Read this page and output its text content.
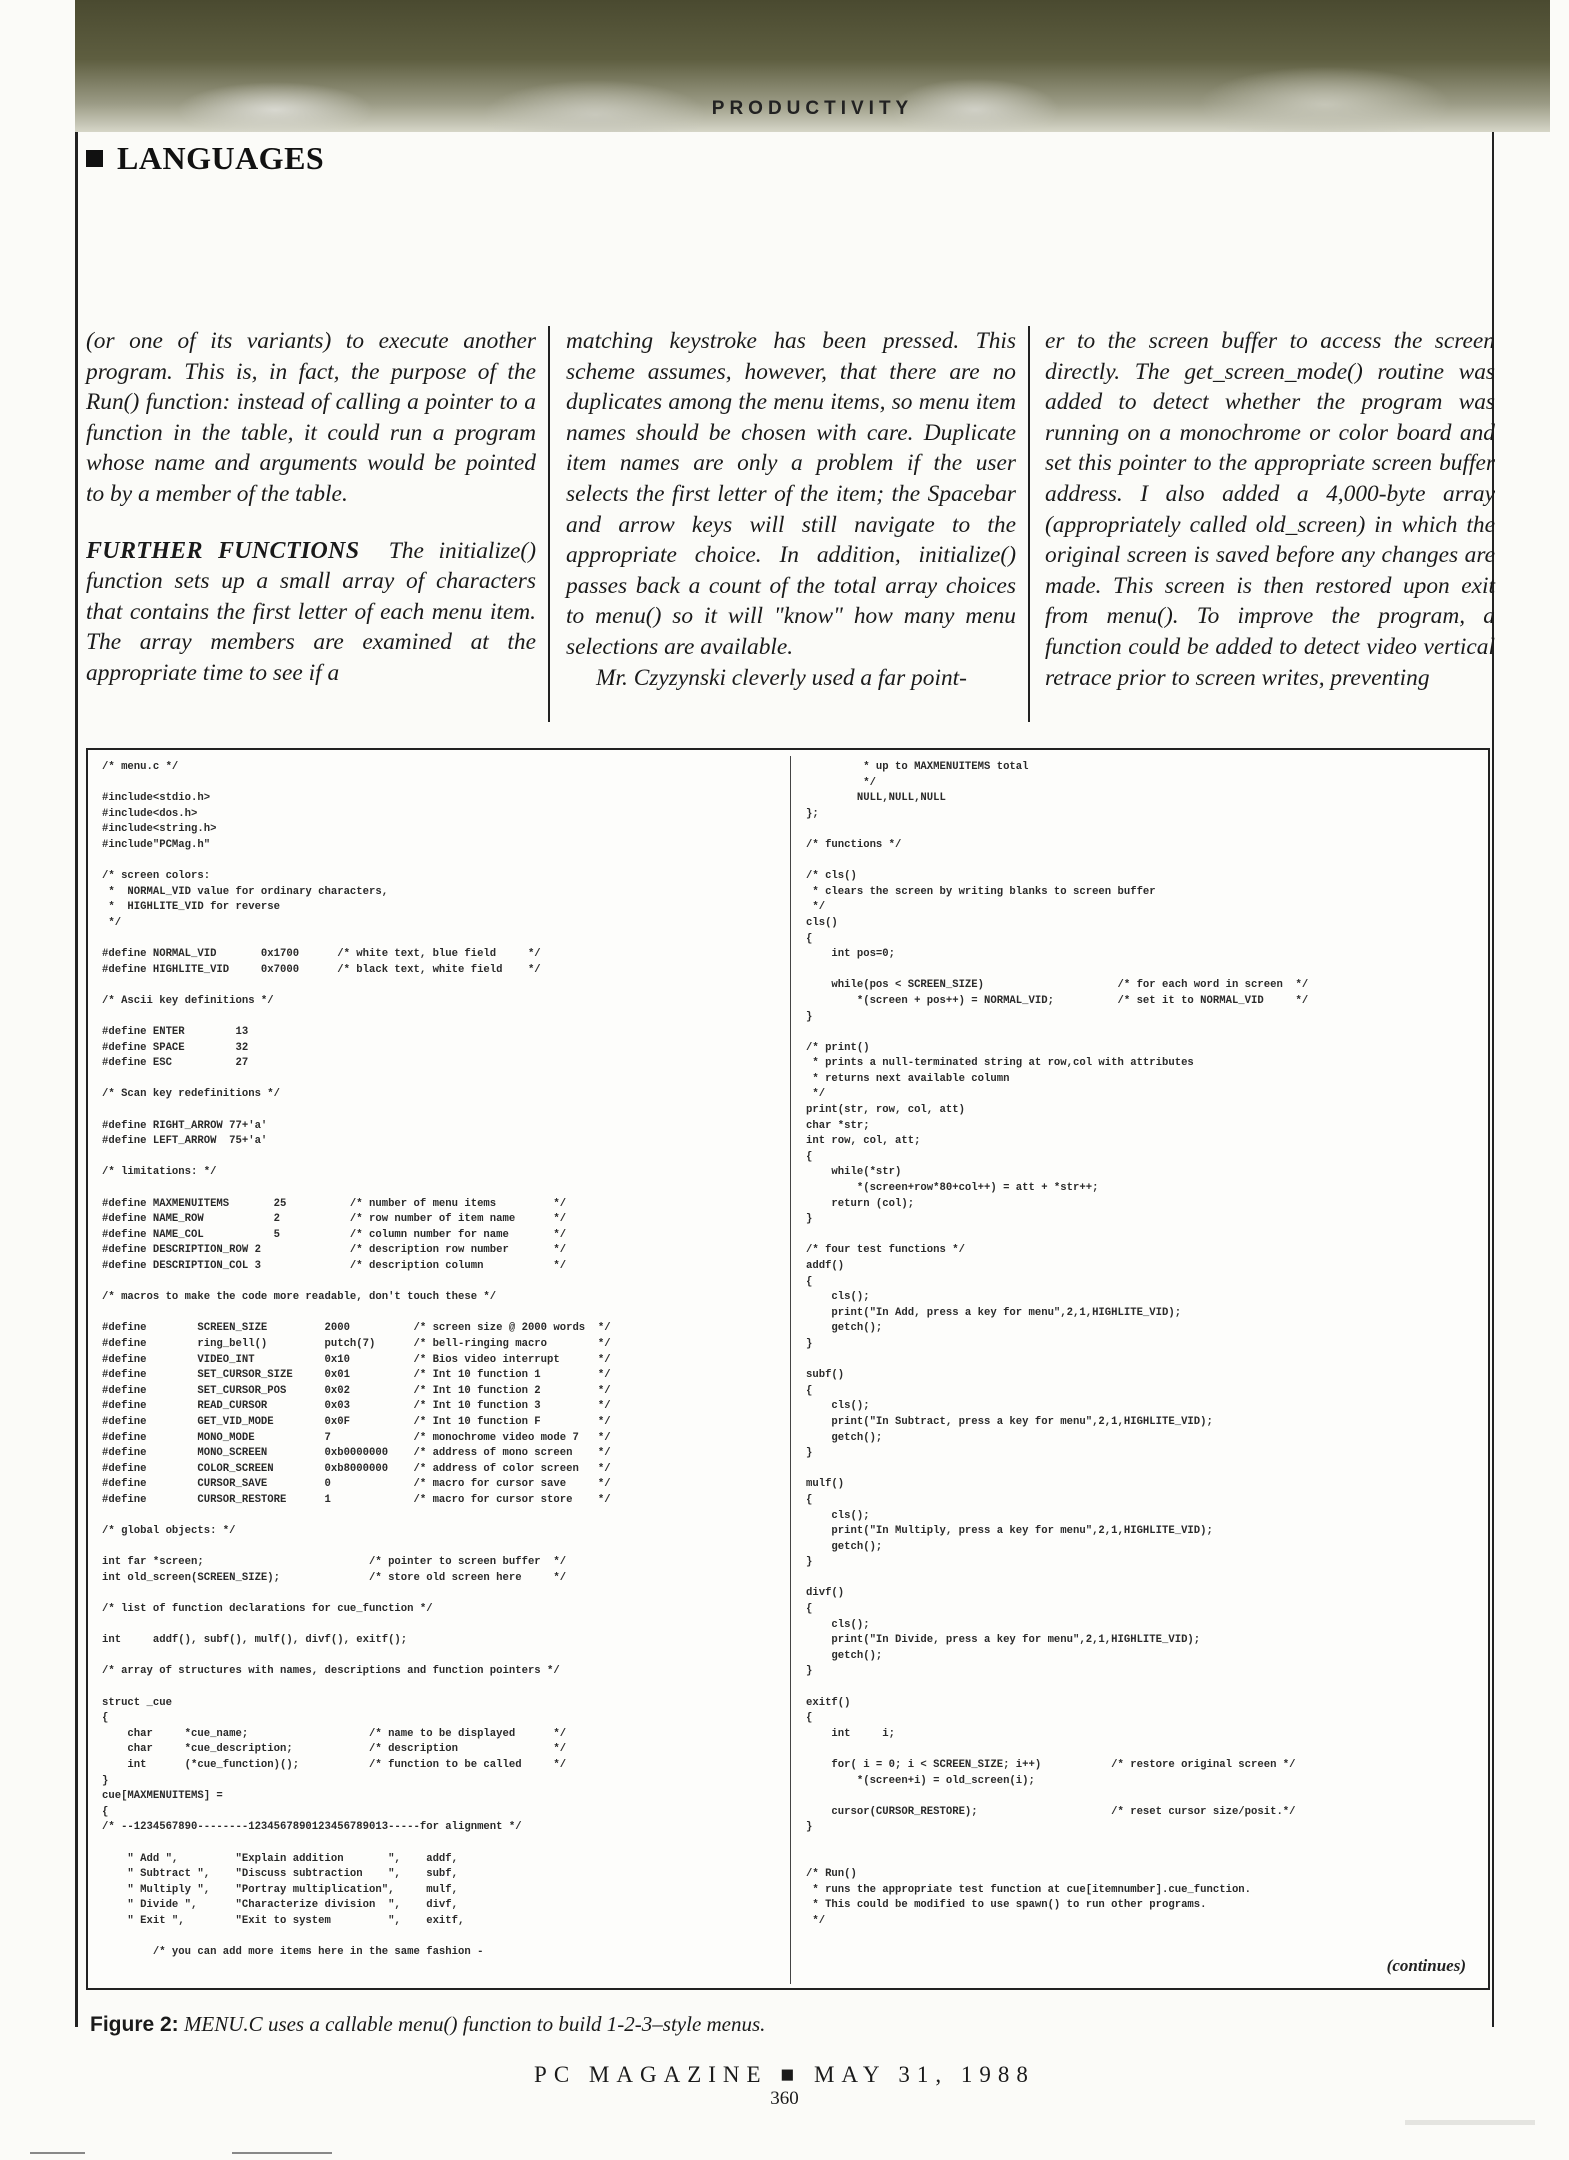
PRODUCTIVITY
LANGUAGES

(or one of its variants) to execute another program. This is, in fact, the purpose of the Run() function: instead of calling a pointer to a function in the table, it could run a program whose name and arguments would be pointed to by a member of the table.

FURTHER FUNCTIONS The initialize() function sets up a small array of characters that contains the first letter of each menu item. The array members are examined at the appropriate time to see if a

matching keystroke has been pressed. This scheme assumes, however, that there are no duplicates among the menu items, so menu item names should be chosen with care. Duplicate item names are only a problem if the user selects the first letter of the item; the Spacebar and arrow keys will still navigate to the appropriate choice. In addition, initialize() passes back a count of the total array choices to menu() so it will "know" how many menu selections are available.

Mr. Czyzynski cleverly used a far point-

er to the screen buffer to access the screen directly. The get_screen_mode() routine was added to detect whether the program was running on a monochrome or color board and set this pointer to the appropriate screen buffer address. I also added a 4,000-byte array (appropriately called old_screen) in which the original screen is saved before any changes are made. This screen is then restored upon exit from menu(). To improve the program, a function could be added to detect video vertical retrace prior to screen writes, preventing

/* menu.c */

#include<stdio.h>
#include<dos.h>
#include<string.h>
#include"PCMag.h"

/* screen colors:
*  NORMAL_VID value for ordinary characters,
*  HIGHLITE_VID for reverse
*/

#define NORMAL_VID       0x1700      /* white text, blue field     */
#define HIGHLITE_VID     0x7000      /* black text, white field    */

/* Ascii key definitions */

#define ENTER        13
#define SPACE        32
#define ESC          27

/* Scan key redefinitions */

#define RIGHT_ARROW 77+'a'
#define LEFT_ARROW  75+'a'

/* limitations: */

#define MAXMENUITEMS       25          /* number of menu items         */
#define NAME_ROW           2           /* row number of item name      */
#define NAME_COL           5           /* column number for name       */
#define DESCRIPTION_ROW 2              /* description row number       */
#define DESCRIPTION_COL 3              /* description column           */

/* macros to make the code more readable, don't touch these */

#define        SCREEN_SIZE         2000          /* screen size @ 2000 words  */
#define        ring_bell()         putch(7)      /* bell-ringing macro        */
#define        VIDEO_INT           0x10          /* Bios video interrupt      */
#define        SET_CURSOR_SIZE     0x01          /* Int 10 function 1         */
#define        SET_CURSOR_POS      0x02          /* Int 10 function 2         */
#define        READ_CURSOR         0x03          /* Int 10 function 3         */
#define        GET_VID_MODE        0x0F          /* Int 10 function F         */
#define        MONO_MODE           7             /* monochrome video mode 7   */
#define        MONO_SCREEN         0xb0000000    /* address of mono screen    */
#define        COLOR_SCREEN        0xb8000000    /* address of color screen   */
#define        CURSOR_SAVE         0             /* macro for cursor save     */
#define        CURSOR_RESTORE      1             /* macro for cursor store    */

/* global objects: */

int far *screen;                          /* pointer to screen buffer  */
int old_screen(SCREEN_SIZE);              /* store old screen here     */

/* list of function declarations for cue_function */

int     addf(), subf(), mulf(), divf(), exitf();

/* array of structures with names, descriptions and function pointers */

struct _cue
{
char     *cue_name;                   /* name to be displayed      */
char     *cue_description;            /* description               */
int      (*cue_function)();           /* function to be called     */
}
cue[MAXMENUITEMS] =
{
/* --1234567890--------1234567890123456789013-----for alignment */

" Add ",         "Explain addition       ",    addf,
" Subtract ",    "Discuss subtraction    ",    subf,
" Multiply ",    "Portray multiplication",     mulf,
" Divide ",      "Characterize division  ",    divf,
" Exit ",        "Exit to system         ",    exitf,

/* you can add more items here in the same fashion -
* up to MAXMENUITEMS total
*/
NULL,NULL,NULL
};

/* functions */

/* cls()
* clears the screen by writing blanks to screen buffer
*/
cls()
{
int pos=0;

while(pos < SCREEN_SIZE)                     /* for each word in screen  */
*(screen + pos++) = NORMAL_VID;          /* set it to NORMAL_VID     */
}

/* print()
* prints a null-terminated string at row,col with attributes
* returns next available column
*/
print(str, row, col, att)
char *str;
int row, col, att;
{
while(*str)
*(screen+row*80+col++) = att + *str++;
return (col);
}

/* four test functions */
addf()
{
cls();
print("In Add, press a key for menu",2,1,HIGHLITE_VID);
getch();
}

subf()
{
cls();
print("In Subtract, press a key for menu",2,1,HIGHLITE_VID);
getch();
}

mulf()
{
cls();
print("In Multiply, press a key for menu",2,1,HIGHLITE_VID);
getch();
}

divf()
{
cls();
print("In Divide, press a key for menu",2,1,HIGHLITE_VID);
getch();
}

exitf()
{
int     i;

for( i = 0; i < SCREEN_SIZE; i++)           /* restore original screen */
*(screen+i) = old_screen(i);

cursor(CURSOR_RESTORE);                     /* reset cursor size/posit.*/
}

/* Run()
* runs the appropriate test function at cue[itemnumber].cue_function.
* This could be modified to use spawn() to run other programs.
*/
(continues)
Figure 2: MENU.C uses a callable menu() function to build 1-2-3–style menus.
PC MAGAZINE ■ MAY 31, 1988
360
